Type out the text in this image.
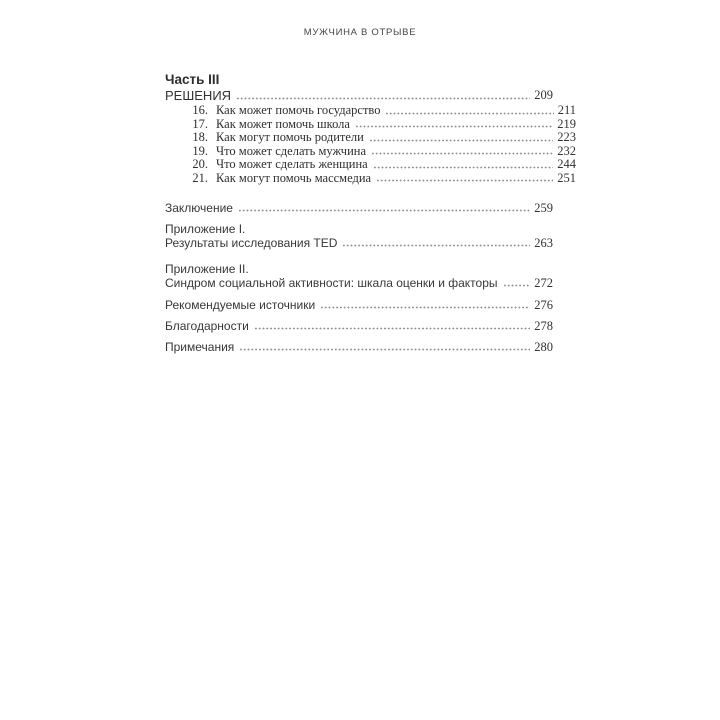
МУЖЧИНА В ОТРЫВЕ
Часть III
РЕШЕНИЯ	209
16. Как может помочь государство	211
17. Как может помочь школа	219
18. Как могут помочь родители	223
19. Что может сделать мужчина	232
20. Что может сделать женщина	244
21. Как могут помочь массмедиа	251
Заключение	259
Приложение I.
Результаты исследования TED	263
Приложение II.
Синдром социальной активности: шкала оценки и факторы	272
Рекомендуемые источники	276
Благодарности	278
Примечания	280
